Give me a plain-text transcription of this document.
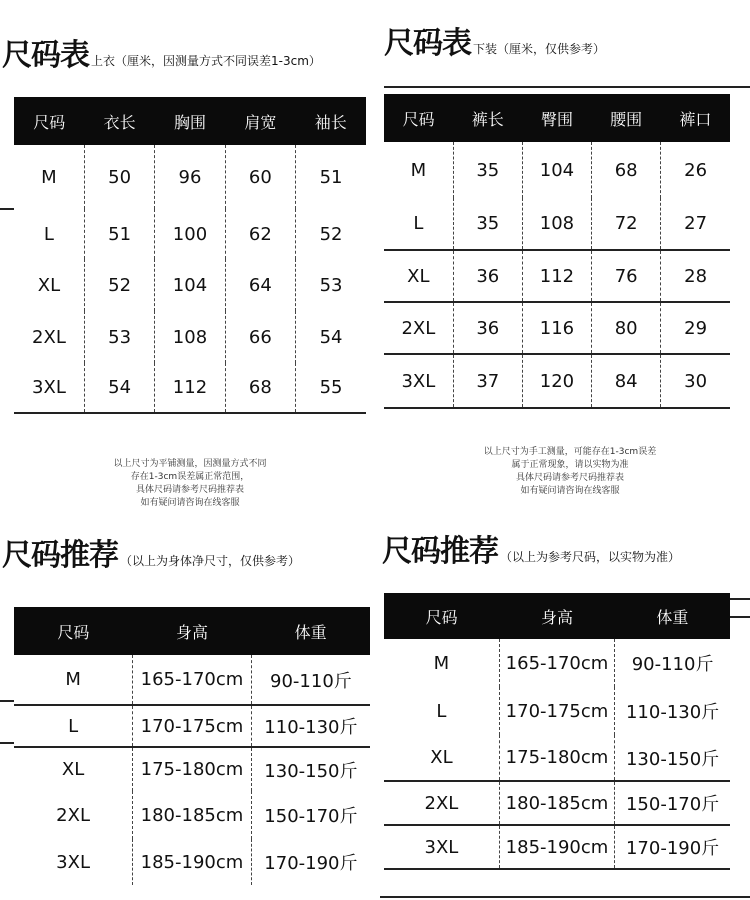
尺码表 上衣（厘米，因测量方式不同误差1-3cm）
尺码	衣长	胸围	肩宽	袖长
M	50	96	60	51
L	51	100	62	52
XL	52	104	64	53
2XL	53	108	66	54
3XL	54	112	68	55
以上尺寸为平铺测量，因测量方式不同
存在1-3cm误差属正常范围，
具体尺码请参考尺码推荐表
如有疑问请咨询在线客服
尺码表 下装（厘米，仅供参考）
尺码	裤长	臀围	腰围	裤口
M	35	104	68	26
L	35	108	72	27
XL	36	112	76	28
2XL	36	116	80	29
3XL	37	120	84	30
以上尺寸为手工测量，可能存在1-3cm误差
属于正常现象，请以实物为准
具体尺码请参考尺码推荐表
如有疑问请咨询在线客服
尺码推荐 （以上为身体净尺寸，仅供参考）
尺码	身高	体重
M	165-170cm	90-110斤
L	170-175cm	110-130斤
XL	175-180cm	130-150斤
2XL	180-185cm	150-170斤
3XL	185-190cm	170-190斤
尺码推荐 （以上为参考尺码，以实物为准）
尺码	身高	体重
M	165-170cm	90-110斤
L	170-175cm	110-130斤
XL	175-180cm	130-150斤
2XL	180-185cm	150-170斤
3XL	185-190cm	170-190斤
